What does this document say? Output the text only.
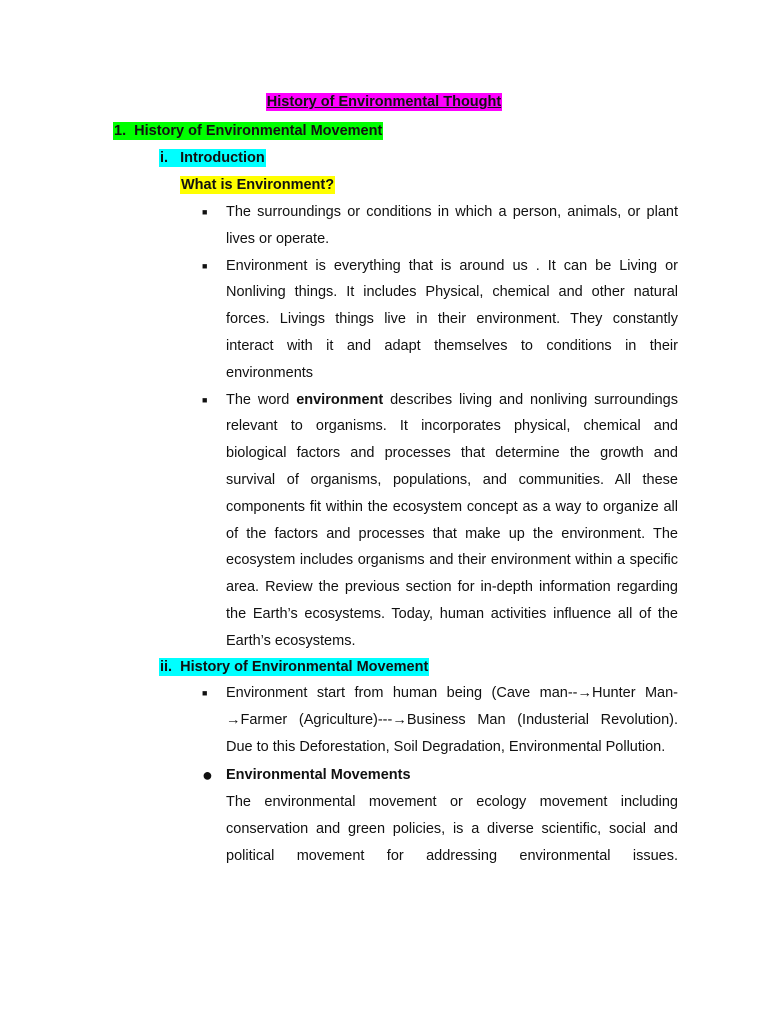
History of Environmental Thought
1. History of Environmental Movement
i. Introduction
What is Environment?
■	The surroundings or conditions in which a person, animals, or plant lives or operate.
■	Environment is everything that is around us . It can be Living or Nonliving things. It includes Physical, chemical and other natural forces. Livings things live in their environment. They constantly interact with it and adapt themselves to conditions in their environments
■	The word environment describes living and nonliving surroundings relevant to organisms. It incorporates physical, chemical and biological factors and processes that determine the growth and survival of organisms, populations, and communities. All these components fit within the ecosystem concept as a way to organize all of the factors and processes that make up the environment. The ecosystem includes organisms and their environment within a specific area. Review the previous section for in-depth information regarding the Earth’s ecosystems. Today, human activities influence all of the Earth’s ecosystems.
ii. History of Environmental Movement
■	Environment start from human being (Cave man--→Hunter Man- →Farmer (Agriculture)---→Business Man (Industerial Revolution). Due to this Deforestation, Soil Degradation, Environmental Pollution.
● Environmental Movements
The environmental movement or ecology movement including conservation and green policies, is a diverse scientific, social and political movement for addressing environmental issues.
